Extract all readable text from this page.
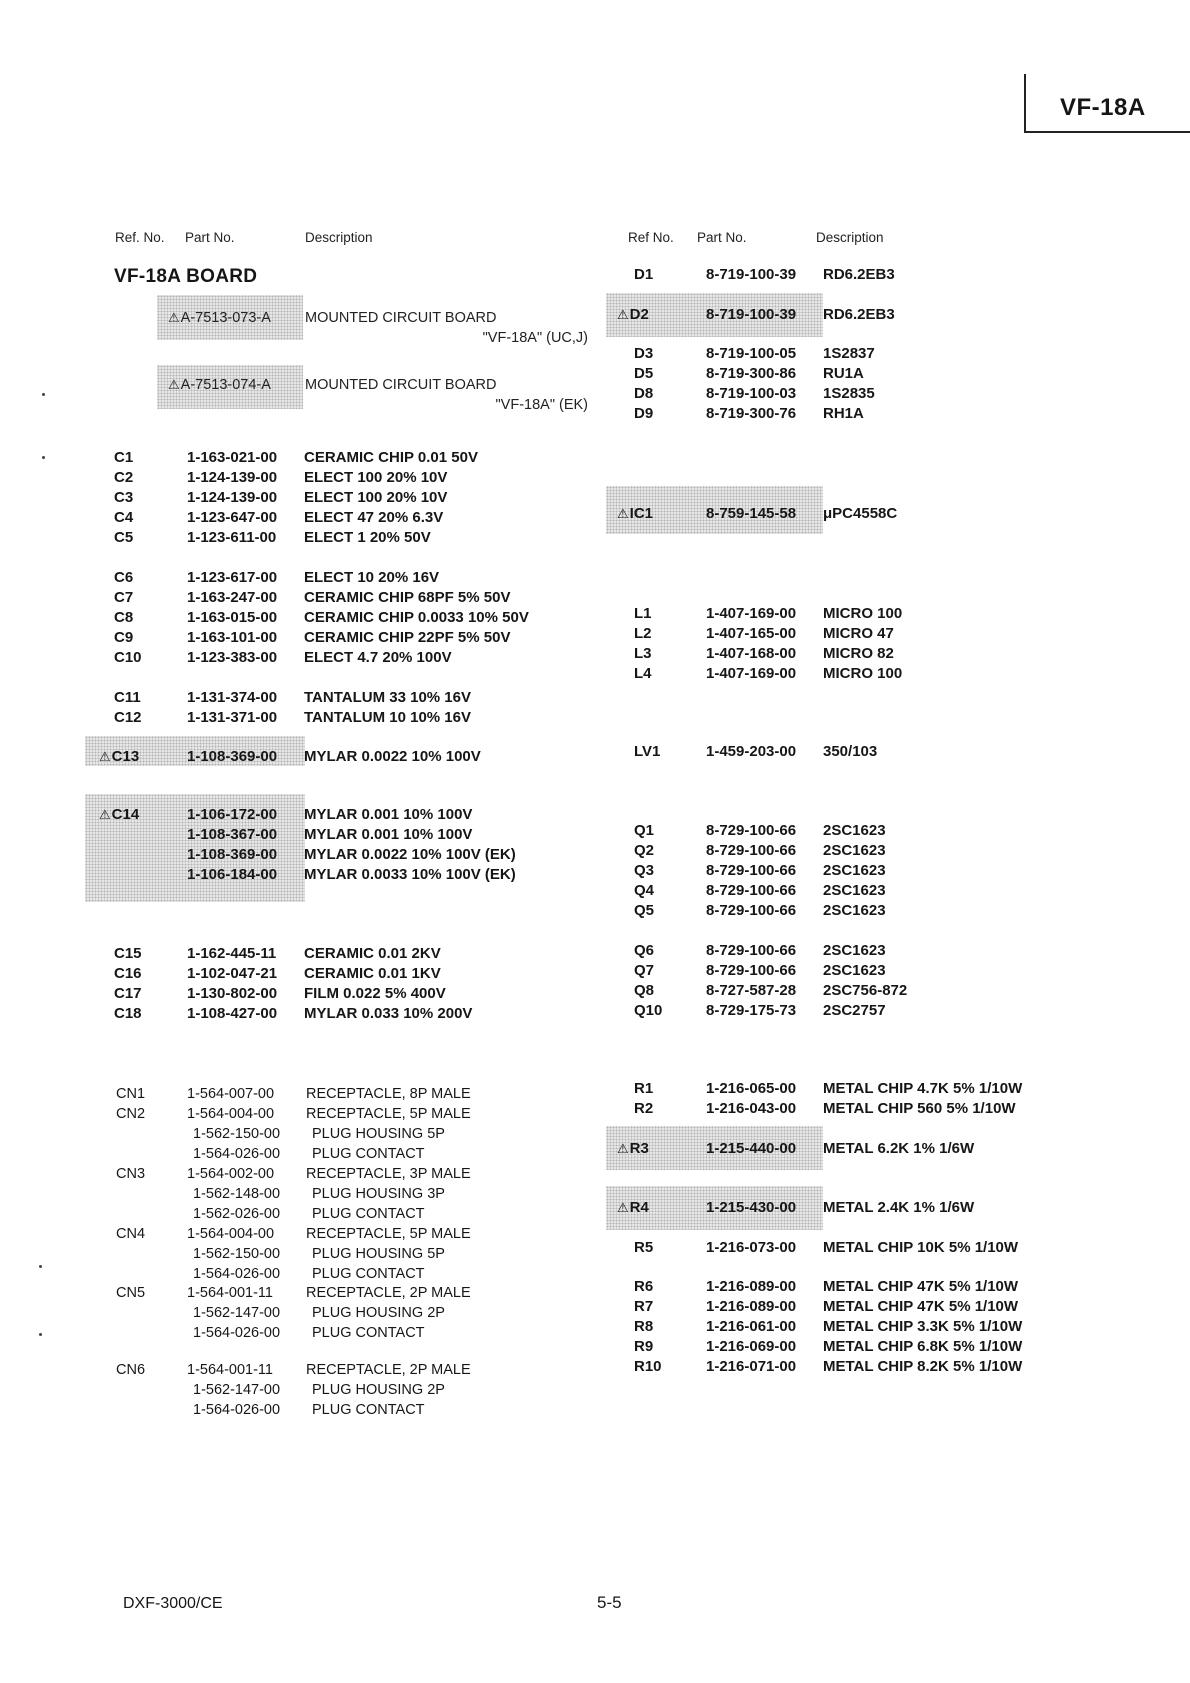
VF-18A
Ref. No. Part No.	Description	Ref No. Part No.	Description
VF-18A BOARD
⚠A-7513-073-A MOUNTED CIRCUIT BOARD
"VF-18A" (UC,J)
⚠A-7513-074-A MOUNTED CIRCUIT BOARD
"VF-18A" (EK)
C1	1-163-021-00 CERAMIC CHIP 0.01 50V
C2	1-124-139-00 ELECT 100 20% 10V
C3	1-124-139-00 ELECT 100 20% 10V
C4	1-123-647-00 ELECT 47 20% 6.3V
C5	1-123-611-00 ELECT 1 20% 50V
C6	1-123-617-00 ELECT 10 20% 16V
C7	1-163-247-00 CERAMIC CHIP 68PF 5% 50V
C8	1-163-015-00 CERAMIC CHIP 0.0033 10% 50V
C9	1-163-101-00 CERAMIC CHIP 22PF 5% 50V
C10	1-123-383-00 ELECT 4.7 20% 100V
C11	1-131-374-00 TANTALUM 33 10% 16V
C12	1-131-371-00 TANTALUM 10 10% 16V
⚠C13	1-108-369-00 MYLAR 0.0022 10% 100V
⚠C14	1-106-172-00 MYLAR 0.001 10% 100V
1-108-367-00 MYLAR 0.001 10% 100V
1-108-369-00 MYLAR 0.0022 10% 100V (EK)
1-106-184-00 MYLAR 0.0033 10% 100V (EK)
C15	1-162-445-11 CERAMIC 0.01 2KV
C16	1-102-047-21 CERAMIC 0.01 1KV
C17	1-130-802-00 FILM 0.022 5% 400V
C18	1-108-427-00 MYLAR 0.033 10% 200V
CN1	1-564-007-00 RECEPTACLE, 8P MALE
CN2	1-564-004-00 RECEPTACLE, 5P MALE
1-562-150-00 PLUG HOUSING 5P
1-564-026-00 PLUG CONTACT
CN3	1-564-002-00 RECEPTACLE, 3P MALE
1-562-148-00 PLUG HOUSING 3P
1-562-026-00 PLUG CONTACT
CN4	1-564-004-00 RECEPTACLE, 5P MALE
1-562-150-00 PLUG HOUSING 5P
1-564-026-00 PLUG CONTACT
CN5	1-564-001-11 RECEPTACLE, 2P MALE
1-562-147-00 PLUG HOUSING 2P
1-564-026-00 PLUG CONTACT
CN6	1-564-001-11 RECEPTACLE, 2P MALE
1-562-147-00 PLUG HOUSING 2P
1-564-026-00 PLUG CONTACT
D1	8-719-100-39 RD6.2EB3
⚠D2	8-719-100-39 RD6.2EB3
D3	8-719-100-05 1S2837
D5	8-719-300-86 RU1A
D8	8-719-100-03 1S2835
D9	8-719-300-76 RH1A
⚠IC1	8-759-145-58 μPC4558C
L1	1-407-169-00 MICRO 100
L2	1-407-165-00 MICRO 47
L3	1-407-168-00 MICRO 82
L4	1-407-169-00 MICRO 100
LV1	1-459-203-00 350/103
Q1	8-729-100-66 2SC1623
Q2	8-729-100-66 2SC1623
Q3	8-729-100-66 2SC1623
Q4	8-729-100-66 2SC1623
Q5	8-729-100-66 2SC1623
Q6	8-729-100-66 2SC1623
Q7	8-729-100-66 2SC1623
Q8	8-727-587-28 2SC756-872
Q10	8-729-175-73 2SC2757
R1	1-216-065-00 METAL CHIP 4.7K 5% 1/10W
R2	1-216-043-00 METAL CHIP 560 5% 1/10W
⚠R3	1-215-440-00 METAL 6.2K 1% 1/6W
⚠R4	1-215-430-00 METAL 2.4K 1% 1/6W
R5	1-216-073-00 METAL CHIP 10K 5% 1/10W
R6	1-216-089-00 METAL CHIP 47K 5% 1/10W
R7	1-216-089-00 METAL CHIP 47K 5% 1/10W
R8	1-216-061-00 METAL CHIP 3.3K 5% 1/10W
R9	1-216-069-00 METAL CHIP 6.8K 5% 1/10W
R10	1-216-071-00 METAL CHIP 8.2K 5% 1/10W
DXF-3000/CE	5-5
